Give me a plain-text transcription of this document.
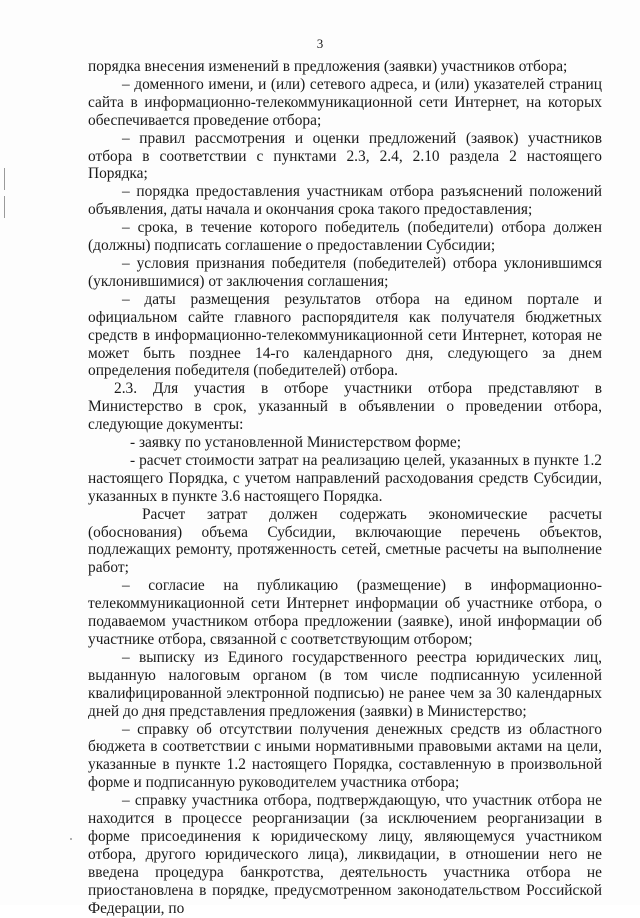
3

порядка внесения изменений в предложения (заявки) участников отбора;

– доменного имени, и (или) сетевого адреса, и (или) указателей страниц сайта в информационно-телекоммуникационной сети Интернет, на которых обеспечивается проведение отбора;

– правил рассмотрения и оценки предложений (заявок) участников отбора в соответствии с пунктами 2.3, 2.4, 2.10 раздела 2 настоящего Порядка;

– порядка предоставления участникам отбора разъяснений положений объявления, даты начала и окончания срока такого предоставления;

– срока, в течение которого победитель (победители) отбора должен (должны) подписать соглашение о предоставлении Субсидии;

– условия признания победителя (победителей) отбора уклонившимся (уклонившимися) от заключения соглашения;

– даты размещения результатов отбора на едином портале и официальном сайте главного распорядителя как получателя бюджетных средств в информационно-телекоммуникационной сети Интернет, которая не может быть позднее 14-го календарного дня, следующего за днем определения победителя (победителей) отбора.

2.3. Для участия в отборе участники отбора представляют в Министерство в срок, указанный в объявлении о проведении отбора, следующие документы:

- заявку по установленной Министерством форме;

- расчет стоимости затрат на реализацию целей, указанных в пункте 1.2 настоящего Порядка, с учетом направлений расходования средств Субсидии, указанных в пункте 3.6 настоящего Порядка.

Расчет затрат должен содержать экономические расчеты (обоснования) объема Субсидии, включающие перечень объектов, подлежащих ремонту, протяженность сетей, сметные расчеты на выполнение работ;

– согласие на публикацию (размещение) в информационно-телекоммуникационной сети Интернет информации об участнике отбора, о подаваемом участником отбора предложении (заявке), иной информации об участнике отбора, связанной с соответствующим отбором;

– выписку из Единого государственного реестра юридических лиц, выданную налоговым органом (в том числе подписанную усиленной квалифицированной электронной подписью) не ранее чем за 30 календарных дней до дня представления предложения (заявки) в Министерство;

– справку об отсутствии получения денежных средств из областного бюджета в соответствии с иными нормативными правовыми актами на цели, указанные в пункте 1.2 настоящего Порядка, составленную в произвольной форме и подписанную руководителем участника отбора;

– справку участника отбора, подтверждающую, что участник отбора не находится в процессе реорганизации (за исключением реорганизации в форме присоединения к юридическому лицу, являющемуся участником отбора, другого юридического лица), ликвидации, в отношении него не введена процедура банкротства, деятельность участника отбора не приостановлена в порядке, предусмотренном законодательством Российской Федерации, по
